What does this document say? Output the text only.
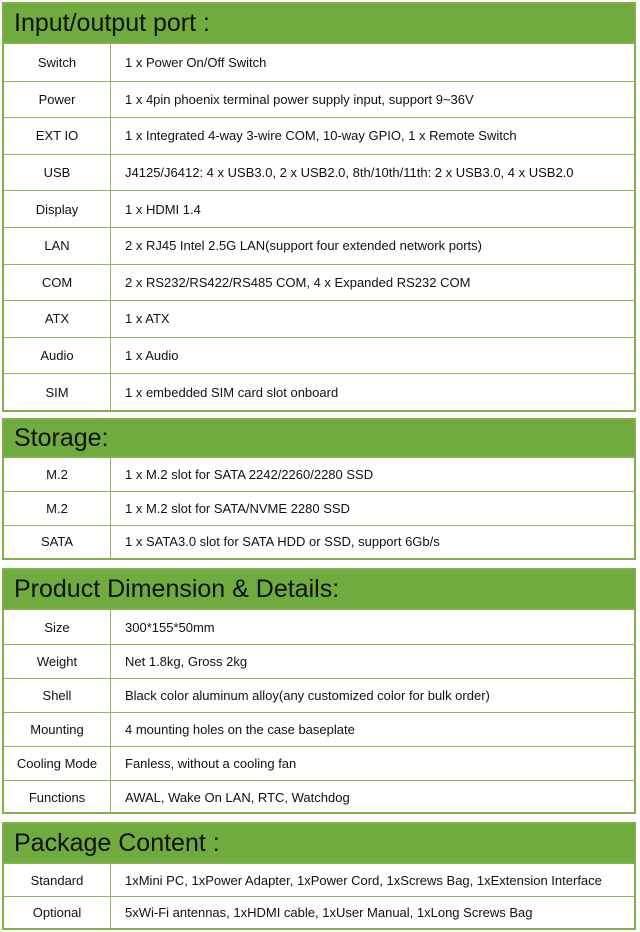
Input/output port :
Switch	1 x Power On/Off Switch
Power	1 x 4pin phoenix terminal power supply input, support 9~36V
EXT IO	1 x Integrated 4-way 3-wire COM, 10-way GPIO, 1 x Remote Switch
USB	J4125/J6412: 4 x USB3.0, 2 x USB2.0, 8th/10th/11th: 2 x USB3.0, 4 x USB2.0
Display	1 x HDMI 1.4
LAN	2 x RJ45 Intel 2.5G LAN(support four extended network ports)
COM	2 x RS232/RS422/RS485 COM, 4 x Expanded RS232 COM
ATX	1 x ATX
Audio	1 x Audio
SIM	1 x embedded SIM card slot onboard
Storage:
M.2	1 x M.2 slot for SATA 2242/2260/2280 SSD
M.2	1 x M.2 slot for SATA/NVME 2280 SSD
SATA	1 x SATA3.0 slot for SATA HDD or SSD, support 6Gb/s
Product Dimension & Details:
Size	300*155*50mm
Weight	Net 1.8kg, Gross 2kg
Shell	Black color aluminum alloy(any customized color for bulk order)
Mounting	4 mounting holes on the case baseplate
Cooling Mode	Fanless, without a cooling fan
Functions	AWAL, Wake On LAN, RTC, Watchdog
Package Content :
Standard	1xMini PC, 1xPower Adapter, 1xPower Cord, 1xScrews Bag, 1xExtension Interface
Optional	5xWi-Fi antennas, 1xHDMI cable, 1xUser Manual, 1xLong Screws Bag
